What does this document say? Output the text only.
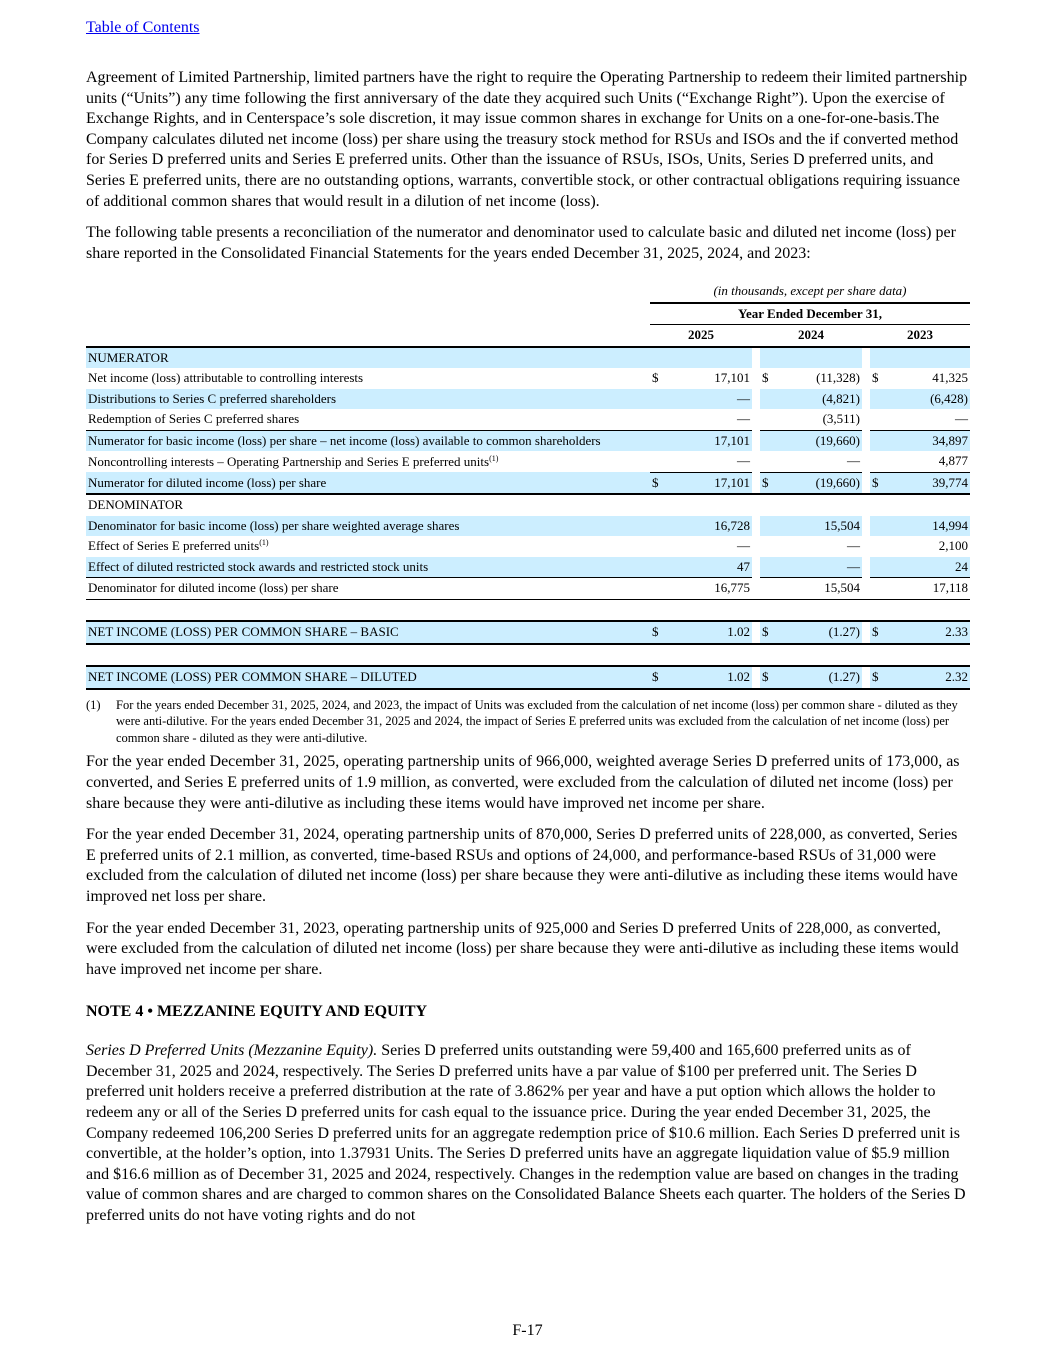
Table of Contents

Agreement of Limited Partnership, limited partners have the right to require the Operating Partnership to redeem their limited partnership units (“Units”) any time following the first anniversary of the date they acquired such Units (“Exchange Right”). Upon the exercise of Exchange Rights, and in Centerspace’s sole discretion, it may issue common shares in exchange for Units on a one-for-one-basis.The Company calculates diluted net income (loss) per share using the treasury stock method for RSUs and ISOs and the if converted method for Series D preferred units and Series E preferred units. Other than the issuance of RSUs, ISOs, Units, Series D preferred units, and Series E preferred units, there are no outstanding options, warrants, convertible stock, or other contractual obligations requiring issuance of additional common shares that would result in a dilution of net income (loss).

The following table presents a reconciliation of the numerator and denominator used to calculate basic and diluted net income (loss) per share reported in the Consolidated Financial Statements for the years ended December 31, 2025, 2024, and 2023:

	(in thousands, except per share data)							
	Year Ended December 31,							
	2025			2024			2023	
NUMERATOR								
Net income (loss) attributable to controlling interests	$	17,101		$	(11,328)		$	41,325
Distributions to Series C preferred shareholders		—			(4,821)			(6,428)
Redemption of Series C preferred shares		—			(3,511)			—
Numerator for basic income (loss) per share – net income (loss) available to common shareholders		17,101			(19,660)			34,897
Noncontrolling interests – Operating Partnership and Series E preferred units$^{(1)}$		—			—			4,877
Numerator for diluted income (loss) per share	$	17,101		$	(19,660)		$	39,774
DENOMINATOR								
Denominator for basic income (loss) per share weighted average shares		16,728			15,504			14,994
Effect of Series E preferred units$^{(1)}$		—			—			2,100
Effect of diluted restricted stock awards and restricted stock units		47			—			24
Denominator for diluted income (loss) per share		16,775			15,504			17,118

NET INCOME (LOSS) PER COMMON SHARE – BASIC	$	1.02		$	(1.27)		$	2.33

NET INCOME (LOSS) PER COMMON SHARE – DILUTED	$	1.02		$	(1.27)		$	2.32
(1)	For the years ended December 31, 2025, 2024, and 2023, the impact of Units was excluded from the calculation of net income (loss) per common share - diluted as they were anti-dilutive. For the years ended December 31, 2025 and 2024, the impact of Series E preferred units was excluded from the calculation of net income (loss) per common share - diluted as they were anti-dilutive.

For the year ended December 31, 2025, operating partnership units of 966,000, weighted average Series D preferred units of 173,000, as converted, and Series E preferred units of 1.9 million, as converted, were excluded from the calculation of diluted net income (loss) per share because they were anti-dilutive as including these items would have improved net income per share.

For the year ended December 31, 2024, operating partnership units of 870,000, Series D preferred units of 228,000, as converted, Series E preferred units of 2.1 million, as converted, time-based RSUs and options of 24,000, and performance-based RSUs of 31,000 were excluded from the calculation of diluted net income (loss) per share because they were anti-dilutive as including these items would have improved net loss per share.

For the year ended December 31, 2023, operating partnership units of 925,000 and Series D preferred Units of 228,000, as converted, were excluded from the calculation of diluted net income (loss) per share because they were anti-dilutive as including these items would have improved net income per share.

NOTE 4 • MEZZANINE EQUITY AND EQUITY

Series D Preferred Units (Mezzanine Equity). Series D preferred units outstanding were 59,400 and 165,600 preferred units as of December 31, 2025 and 2024, respectively. The Series D preferred units have a par value of $100 per preferred unit. The Series D preferred unit holders receive a preferred distribution at the rate of 3.862% per year and have a put option which allows the holder to redeem any or all of the Series D preferred units for cash equal to the issuance price. During the year ended December 31, 2025, the Company redeemed 106,200 Series D preferred units for an aggregate redemption price of $10.6 million. Each Series D preferred unit is convertible, at the holder’s option, into 1.37931 Units. The Series D preferred units have an aggregate liquidation value of $5.9 million and $16.6 million as of December 31, 2025 and 2024, respectively. Changes in the redemption value are based on changes in the trading value of common shares and are charged to common shares on the Consolidated Balance Sheets each quarter. The holders of the Series D preferred units do not have voting rights and do not

F-17
